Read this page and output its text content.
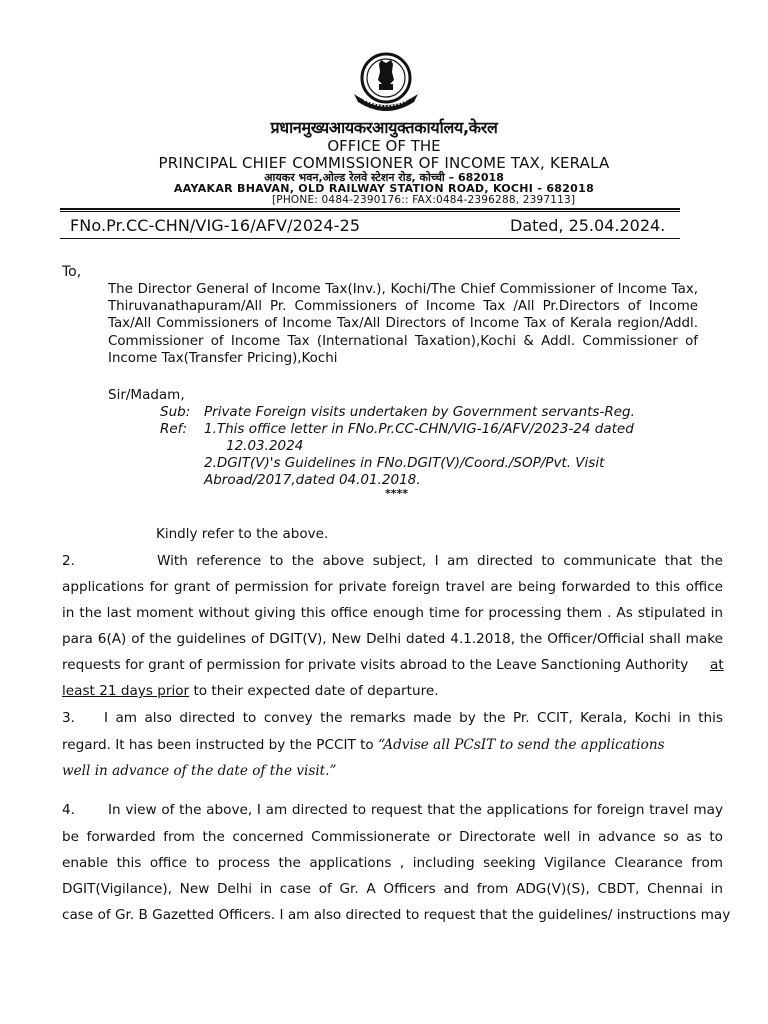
प्रधानमुख्यआयकरआयुक्तकार्यालय,केरल
OFFICE OF THE
PRINCIPAL CHIEF COMMISSIONER OF INCOME TAX, KERALA
आयकर भवन,ओल्ड रेलवे स्टेशन रोड, कोच्ची – 682018
AAYAKAR BHAVAN, OLD RAILWAY STATION ROAD, KOCHI - 682018
[PHONE: 0484-2390176:: FAX:0484-2396288, 2397113]
FNo.Pr.CC-CHN/VIG-16/AFV/2024-25	Dated, 25.04.2024.
To,
The Director General of Income Tax(Inv.), Kochi/The Chief Commissioner of Income Tax,
Thiruvanathapuram/All Pr. Commissioners of Income Tax /All Pr.Directors of Income
Tax/All Commissioners of Income Tax/All Directors of Income Tax of Kerala region/Addl.
Commissioner of Income Tax (International Taxation),Kochi & Addl. Commissioner of
Income Tax(Transfer Pricing),Kochi
Sir/Madam,
Sub: Private Foreign visits undertaken by Government servants-Reg.
Ref: 1.This office letter in FNo.Pr.CC-CHN/VIG-16/AFV/2023-24 dated
12.03.2024
2.DGIT(V)'s Guidelines in FNo.DGIT(V)/Coord./SOP/Pvt. Visit
Abroad/2017,dated 04.01.2018.
****
Kindly refer to the above.
2.	With reference to the above subject, I am directed to communicate that the
applications for grant of permission for private foreign travel are being forwarded to this office
in the last moment without giving this office enough time for processing them . As stipulated in
para 6(A) of the guidelines of DGIT(V), New Delhi dated 4.1.2018, the Officer/Official shall make
requests for grant of permission for private visits abroad to the Leave Sanctioning Authority at
least 21 days prior to their expected date of departure.
3. I am also directed to convey the remarks made by the Pr. CCIT, Kerala, Kochi in this
regard. It has been instructed by the PCCIT to “Advise all PCsIT to send the applications
well in advance of the date of the visit.”
4. In view of the above, I am directed to request that the applications for foreign travel may
be forwarded from the concerned Commissionerate or Directorate well in advance so as to
enable this office to process the applications , including seeking Vigilance Clearance from
DGIT(Vigilance), New Delhi in case of Gr. A Officers and from ADG(V)(S), CBDT, Chennai in
case of Gr. B Gazetted Officers. I am also directed to request that the guidelines/ instructions may
